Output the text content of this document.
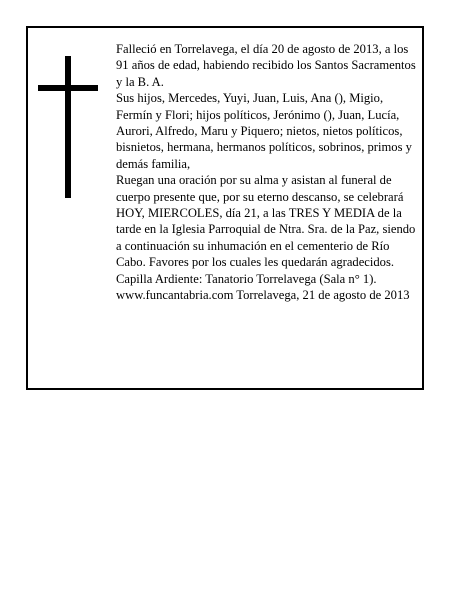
Falleció en Torrelavega, el día 20 de agosto de 2013, a los 91 años de edad, habiendo recibido los Santos Sacramentos y la B. A.

Sus hijos, Mercedes, Yuyi, Juan, Luis, Ana (), Migio, Fermín y Flori; hijos políticos, Jerónimo (), Juan, Lucía, Aurori, Alfredo, Maru y Piquero; nietos, nietos políticos, bisnietos, hermana, hermanos políticos, sobrinos, primos y demás familia,

Ruegan una oración por su alma y asistan al funeral de cuerpo presente que, por su eterno descanso, se celebrará HOY, MIERCOLES, día 21, a las TRES Y MEDIA de la tarde en la Iglesia Parroquial de Ntra. Sra. de la Paz, siendo a continuación su inhumación en el cementerio de Río Cabo. Favores por los cuales les quedarán agradecidos. Capilla Ardiente: Tanatorio Torrelavega (Sala n° 1).

www.funcantabria.com Torrelavega, 21 de agosto de 2013
